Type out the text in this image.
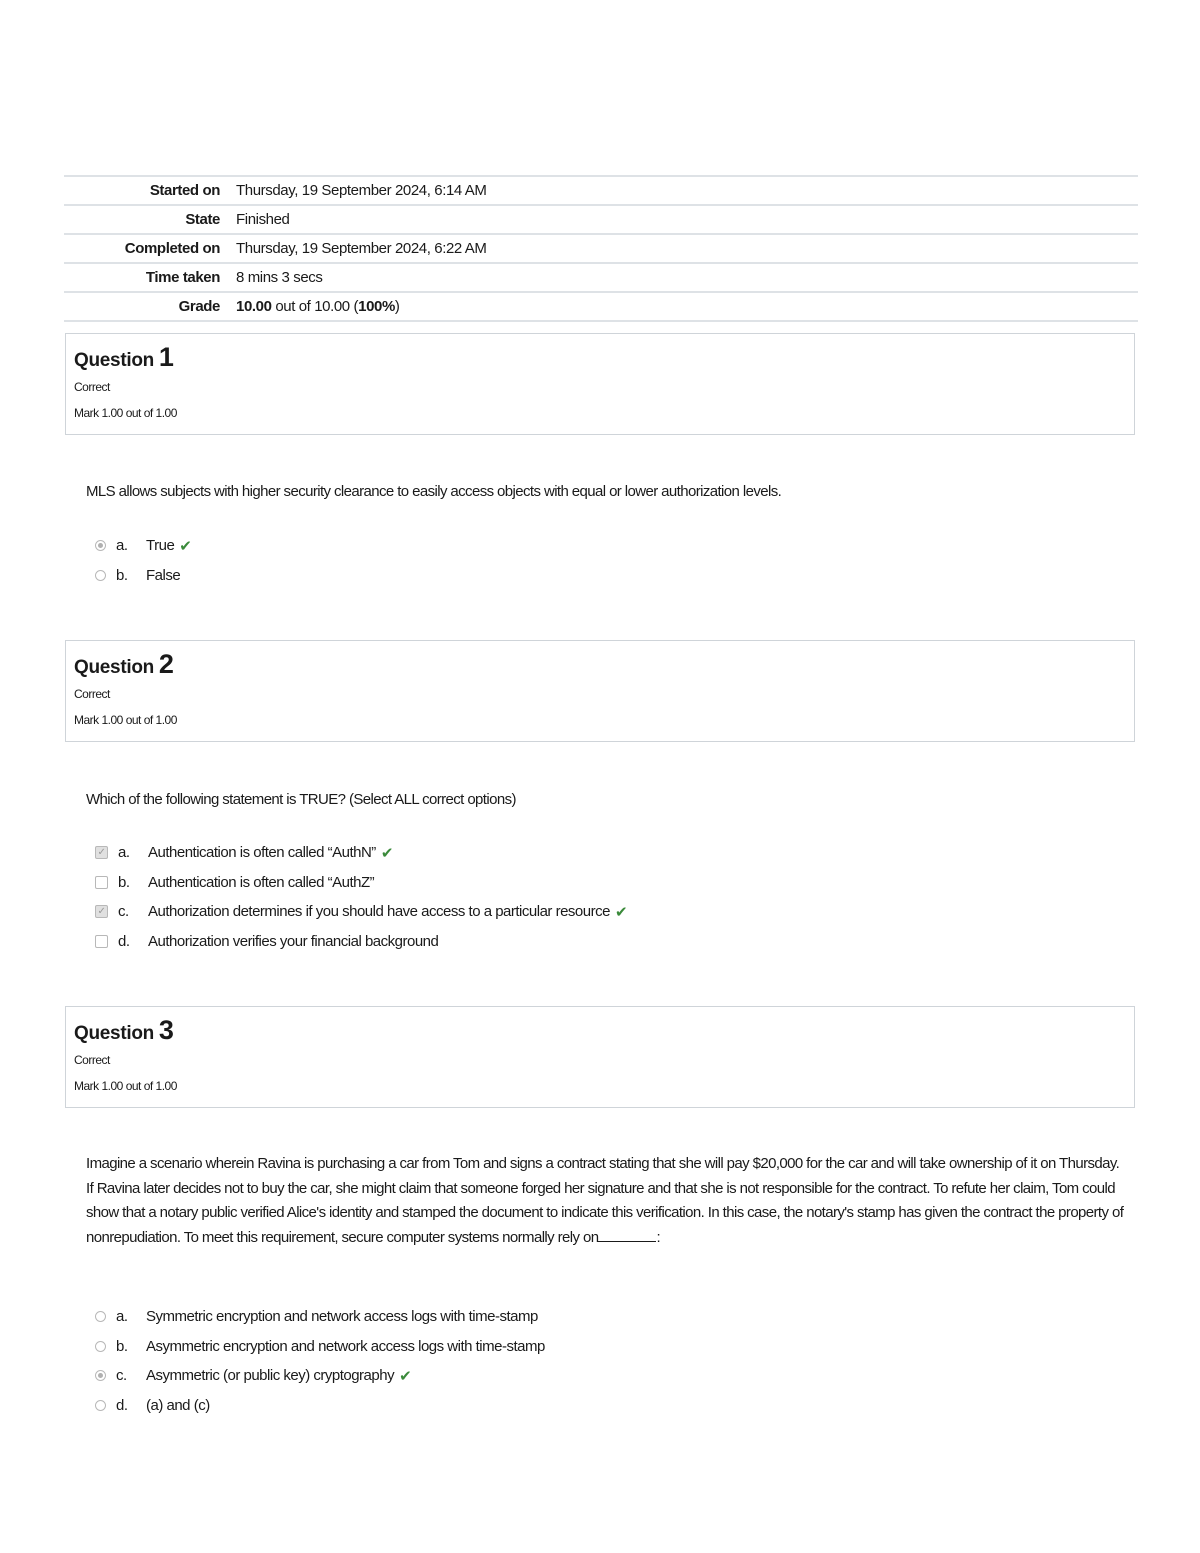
Started on	Thursday, 19 September 2024, 6:14 AM
State	Finished
Completed on	Thursday, 19 September 2024, 6:22 AM
Time taken	8 mins 3 secs
Grade	10.00 out of 10.00 (100%)
Question 1
Correct
Mark 1.00 out of 1.00
MLS allows subjects with higher security clearance to easily access objects with equal or lower authorization levels.
a.	True ✔
b.	False
Question 2
Correct
Mark 1.00 out of 1.00
Which of the following statement is TRUE? (Select ALL correct options)
✓ a.	Authentication is often called “AuthN” ✔
b.	Authentication is often called “AuthZ”
✓ c.	Authorization determines if you should have access to a particular resource ✔
d.	Authorization verifies your financial background
Question 3
Correct
Mark 1.00 out of 1.00
Imagine a scenario wherein Ravina is purchasing a car from Tom and signs a contract stating that she will pay $20,000 for the car and will take ownership of it on Thursday. If Ravina later decides not to buy the car, she might claim that someone forged her signature and that she is not responsible for the contract. To refute her claim, Tom could show that a notary public verified Alice's identity and stamped the document to indicate this verification. In this case, the notary's stamp has given the contract the property of nonrepudiation. To meet this requirement, secure computer systems normally rely on	:
a.	Symmetric encryption and network access logs with time-stamp
b.	Asymmetric encryption and network access logs with time-stamp
c.	Asymmetric (or public key) cryptography ✔
d.	(a) and (c)
